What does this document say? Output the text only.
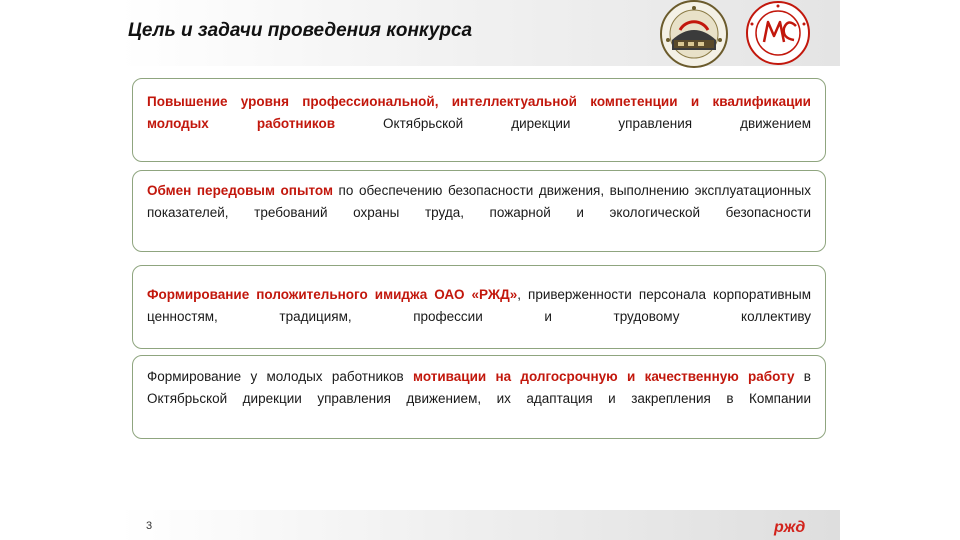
Цель и задачи проведения конкурса
Повышение уровня профессиональной, интеллектуальной компетенции и квалификации молодых работников Октябрьской дирекции управления движением
Обмен передовым опытом по обеспечению безопасности движения, выполнению эксплуатационных показателей, требований охраны труда, пожарной и экологической безопасности
Формирование положительного имиджа ОАО «РЖД», приверженности персонала корпоративным ценностям, традициям, профессии и трудовому коллективу
Формирование у молодых работников мотивации на долгосрочную и качественную работу в Октябрьской дирекции управления движением, их адаптация и закрепления в Компании
3	ржд
